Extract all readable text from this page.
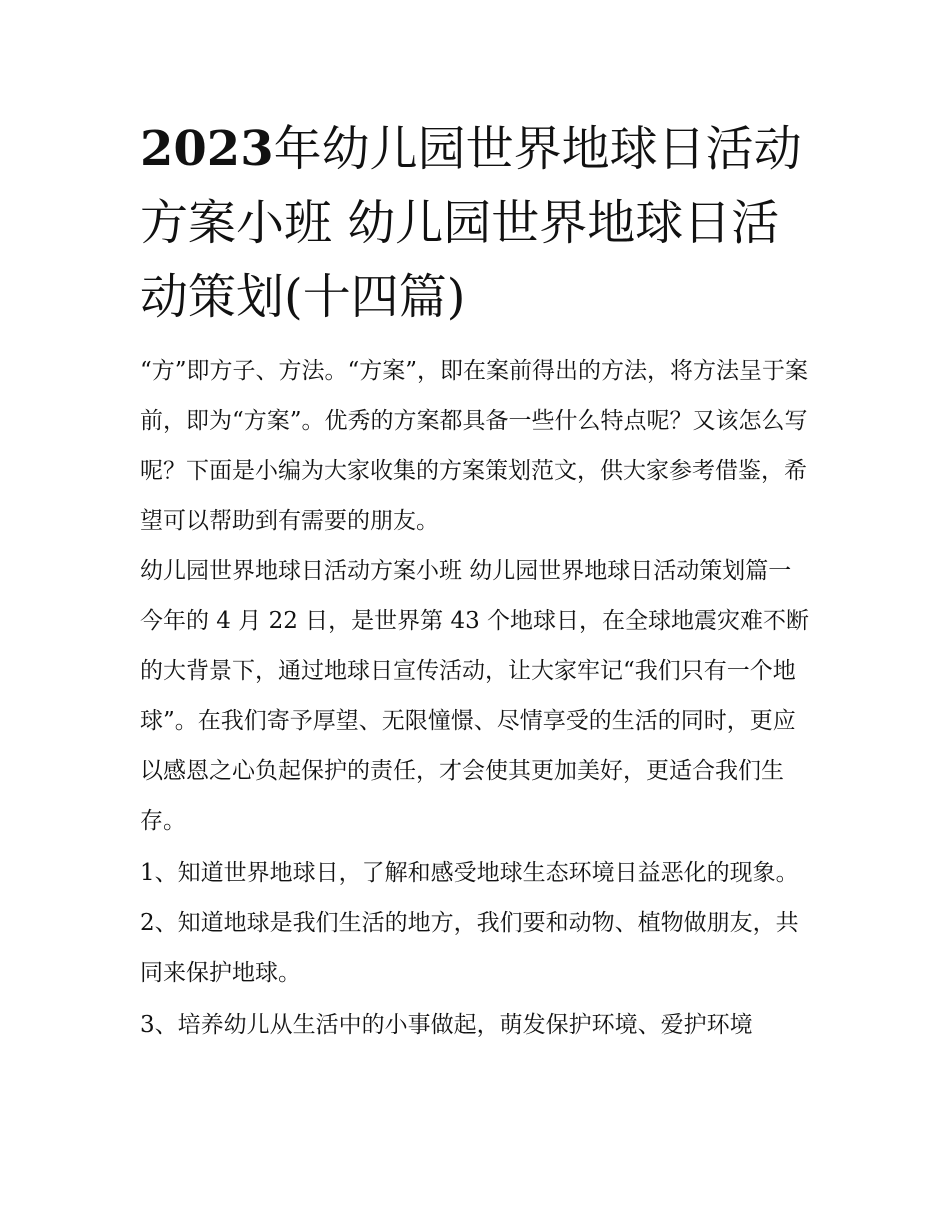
2023年幼儿园世界地球日活动方案小班 幼儿园世界地球日活动策划(十四篇)

“方”即方子、方法。“方案”，即在案前得出的方法，将方法呈于案前，即为“方案”。优秀的方案都具备一些什么特点呢？又该怎么写呢？下面是小编为大家收集的方案策划范文，供大家参考借鉴，希望可以帮助到有需要的朋友。

幼儿园世界地球日活动方案小班 幼儿园世界地球日活动策划篇一

今年的 4 月 22 日，是世界第 43 个地球日，在全球地震灾难不断的大背景下，通过地球日宣传活动，让大家牢记“我们只有一个地球”。在我们寄予厚望、无限憧憬、尽情享受的生活的同时，更应以感恩之心负起保护的责任，才会使其更加美好，更适合我们生存。

1、知道世界地球日，了解和感受地球生态环境日益恶化的现象。 2、知道地球是我们生活的地方，我们要和动物、植物做朋友，共同来保护地球。

3、培养幼儿从生活中的小事做起，萌发保护环境、爱护环境
